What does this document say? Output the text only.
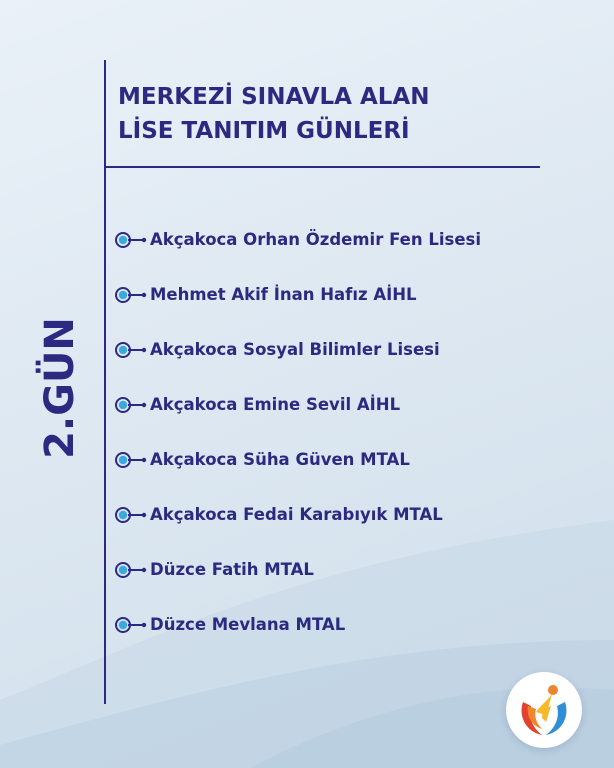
MERKEZİ SINAVLA ALAN
LİSE TANITIM GÜNLERİ
2.GÜN
Akçakoca Orhan Özdemir Fen Lisesi
Mehmet Akif İnan Hafız AİHL
Akçakoca Sosyal Bilimler Lisesi
Akçakoca Emine Sevil AİHL
Akçakoca Süha Güven MTAL
Akçakoca Fedai Karabıyık MTAL
Düzce Fatih MTAL
Düzce Mevlana MTAL
